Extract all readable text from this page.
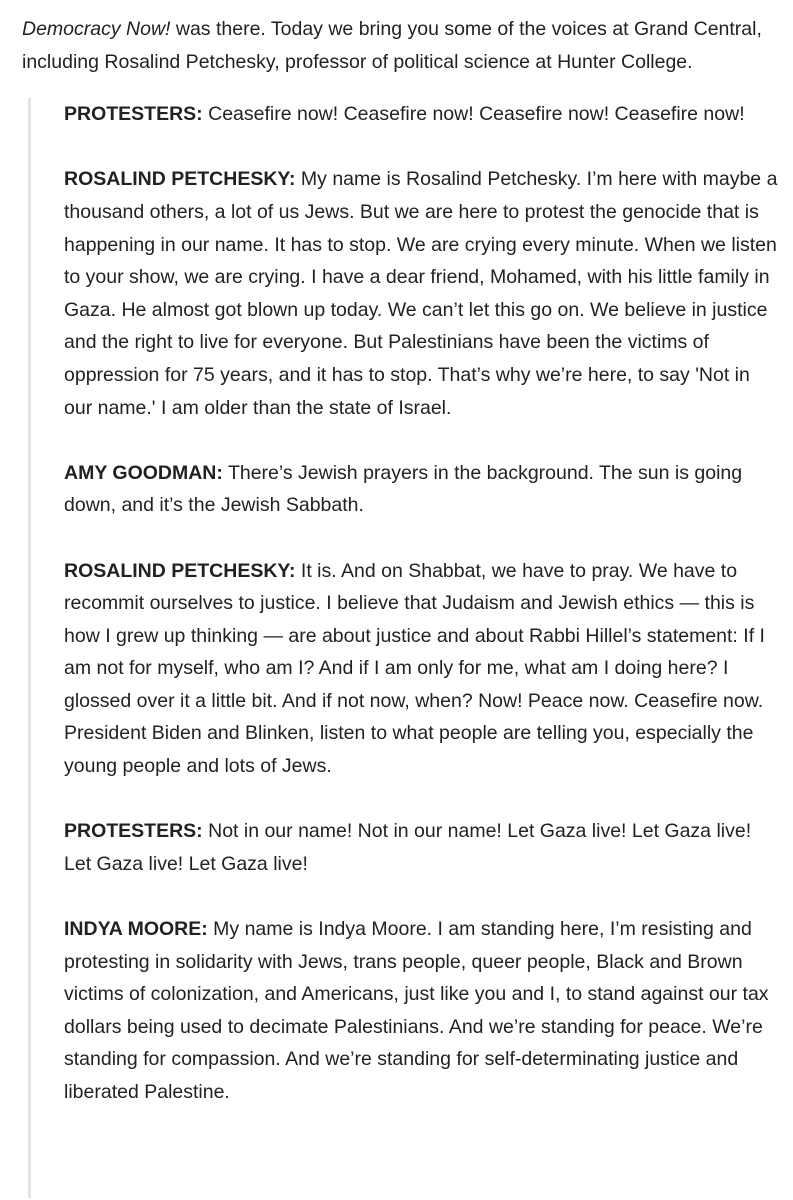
Democracy Now! was there. Today we bring you some of the voices at Grand Central, including Rosalind Petchesky, professor of political science at Hunter College.

PROTESTERS: Ceasefire now! Ceasefire now! Ceasefire now! Ceasefire now!

ROSALIND PETCHESKY: My name is Rosalind Petchesky. I’m here with maybe a thousand others, a lot of us Jews. But we are here to protest the genocide that is happening in our name. It has to stop. We are crying every minute. When we listen to your show, we are crying. I have a dear friend, Mohamed, with his little family in Gaza. He almost got blown up today. We can’t let this go on. We believe in justice and the right to live for everyone. But Palestinians have been the victims of oppression for 75 years, and it has to stop. That’s why we’re here, to say 'Not in our name.' I am older than the state of Israel.

AMY GOODMAN: There’s Jewish prayers in the background. The sun is going down, and it’s the Jewish Sabbath.

ROSALIND PETCHESKY: It is. And on Shabbat, we have to pray. We have to recommit ourselves to justice. I believe that Judaism and Jewish ethics — this is how I grew up thinking — are about justice and about Rabbi Hillel’s statement: If I am not for myself, who am I? And if I am only for me, what am I doing here? I glossed over it a little bit. And if not now, when? Now! Peace now. Ceasefire now. President Biden and Blinken, listen to what people are telling you, especially the young people and lots of Jews.

PROTESTERS: Not in our name! Not in our name! Let Gaza live! Let Gaza live! Let Gaza live! Let Gaza live!

INDYA MOORE: My name is Indya Moore. I am standing here, I’m resisting and protesting in solidarity with Jews, trans people, queer people, Black and Brown victims of colonization, and Americans, just like you and I, to stand against our tax dollars being used to decimate Palestinians. And we’re standing for peace. We’re standing for compassion. And we’re standing for self-determinating justice and liberated Palestine.
